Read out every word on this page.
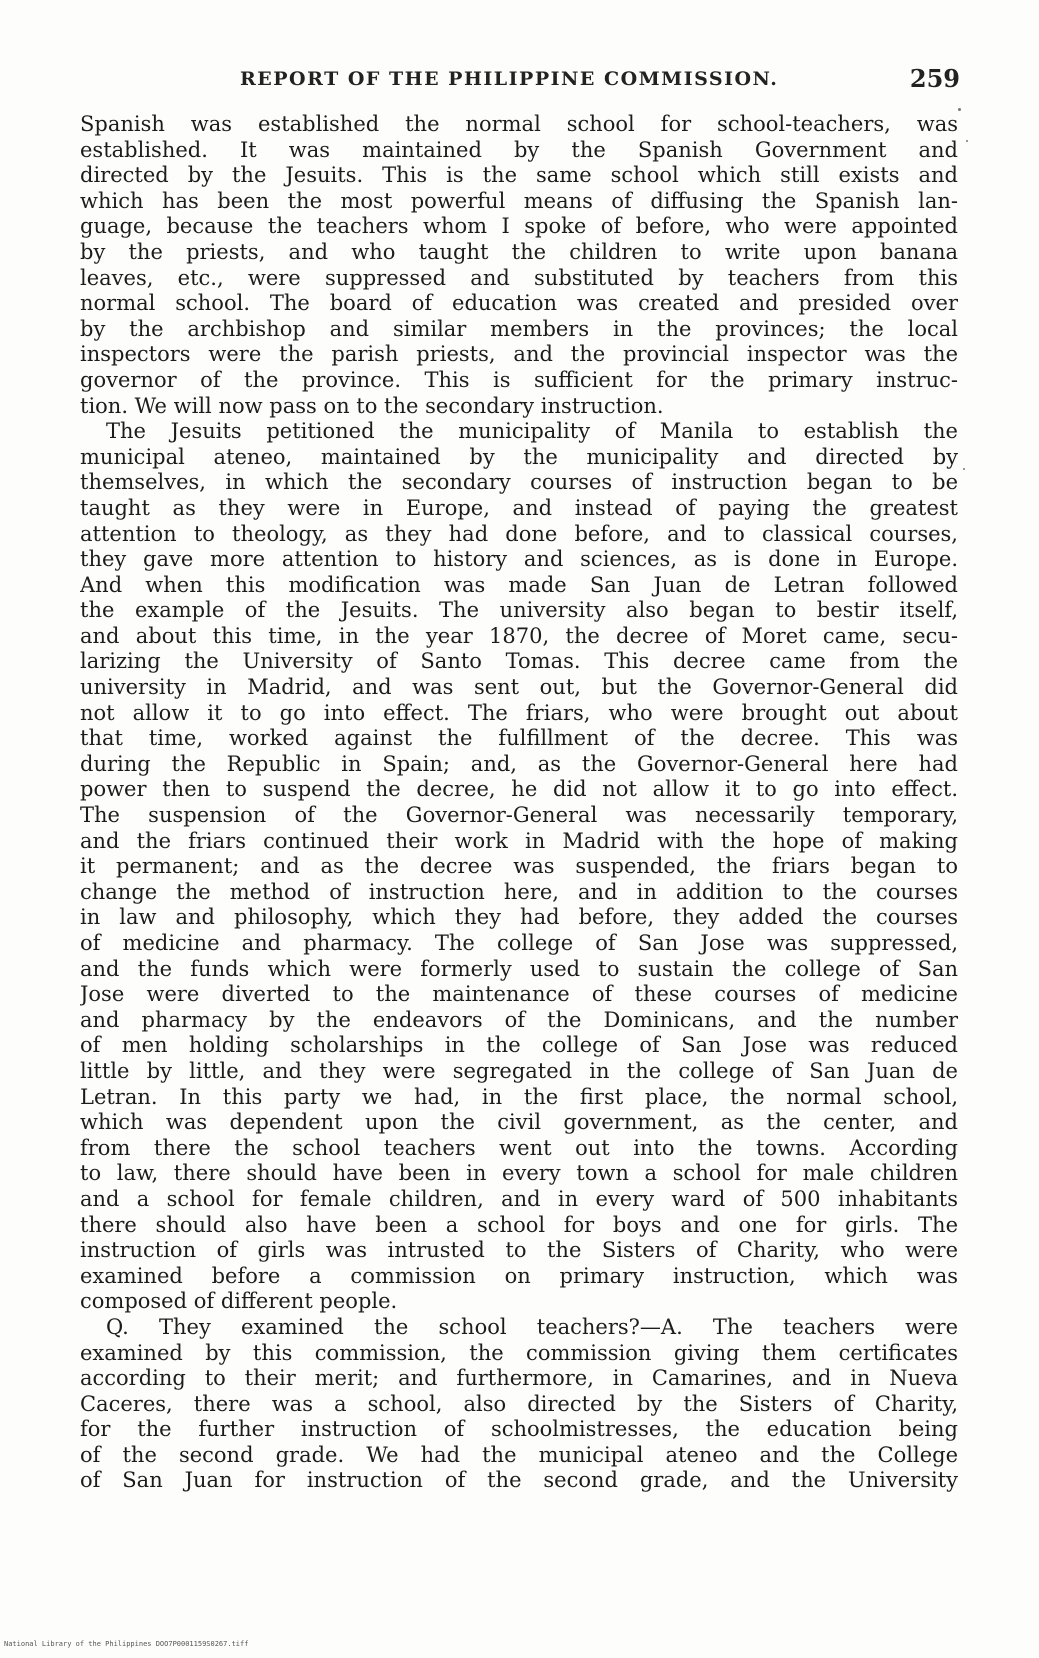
REPORT OF THE PHILIPPINE COMMISSION.	259
Spanish was established the normal school for school-teachers, was
established. It was maintained by the Spanish Government and
directed by the Jesuits. This is the same school which still exists and
which has been the most powerful means of diffusing the Spanish lan-
guage, because the teachers whom I spoke of before, who were appointed
by the priests, and who taught the children to write upon banana
leaves, etc., were suppressed and substituted by teachers from this
normal school. The board of education was created and presided over
by the archbishop and similar members in the provinces; the local
inspectors were the parish priests, and the provincial inspector was the
governor of the province. This is sufficient for the primary instruc-
tion. We will now pass on to the secondary instruction.
The Jesuits petitioned the municipality of Manila to establish the
municipal ateneo, maintained by the municipality and directed by
themselves, in which the secondary courses of instruction began to be
taught as they were in Europe, and instead of paying the greatest
attention to theology, as they had done before, and to classical courses,
they gave more attention to history and sciences, as is done in Europe.
And when this modification was made San Juan de Letran followed
the example of the Jesuits. The university also began to bestir itself,
and about this time, in the year 1870, the decree of Moret came, secu-
larizing the University of Santo Tomas. This decree came from the
university in Madrid, and was sent out, but the Governor-General did
not allow it to go into effect. The friars, who were brought out about
that time, worked against the fulfillment of the decree. This was
during the Republic in Spain; and, as the Governor-General here had
power then to suspend the decree, he did not allow it to go into effect.
The suspension of the Governor-General was necessarily temporary,
and the friars continued their work in Madrid with the hope of making
it permanent; and as the decree was suspended, the friars began to
change the method of instruction here, and in addition to the courses
in law and philosophy, which they had before, they added the courses
of medicine and pharmacy. The college of San Jose was suppressed,
and the funds which were formerly used to sustain the college of San
Jose were diverted to the maintenance of these courses of medicine
and pharmacy by the endeavors of the Dominicans, and the number
of men holding scholarships in the college of San Jose was reduced
little by little, and they were segregated in the college of San Juan de
Letran. In this party we had, in the first place, the normal school,
which was dependent upon the civil government, as the center, and
from there the school teachers went out into the towns. According
to law, there should have been in every town a school for male children
and a school for female children, and in every ward of 500 inhabitants
there should also have been a school for boys and one for girls. The
instruction of girls was intrusted to the Sisters of Charity, who were
examined before a commission on primary instruction, which was
composed of different people.
Q. They examined the school teachers?—A. The teachers were
examined by this commission, the commission giving them certificates
according to their merit; and furthermore, in Camarines, and in Nueva
Caceres, there was a school, also directed by the Sisters of Charity,
for the further instruction of schoolmistresses, the education being
of the second grade. We had the municipal ateneo and the College
of San Juan for instruction of the second grade, and the University
National Library of the Philippines DOO7P0001159S0267.tiff
